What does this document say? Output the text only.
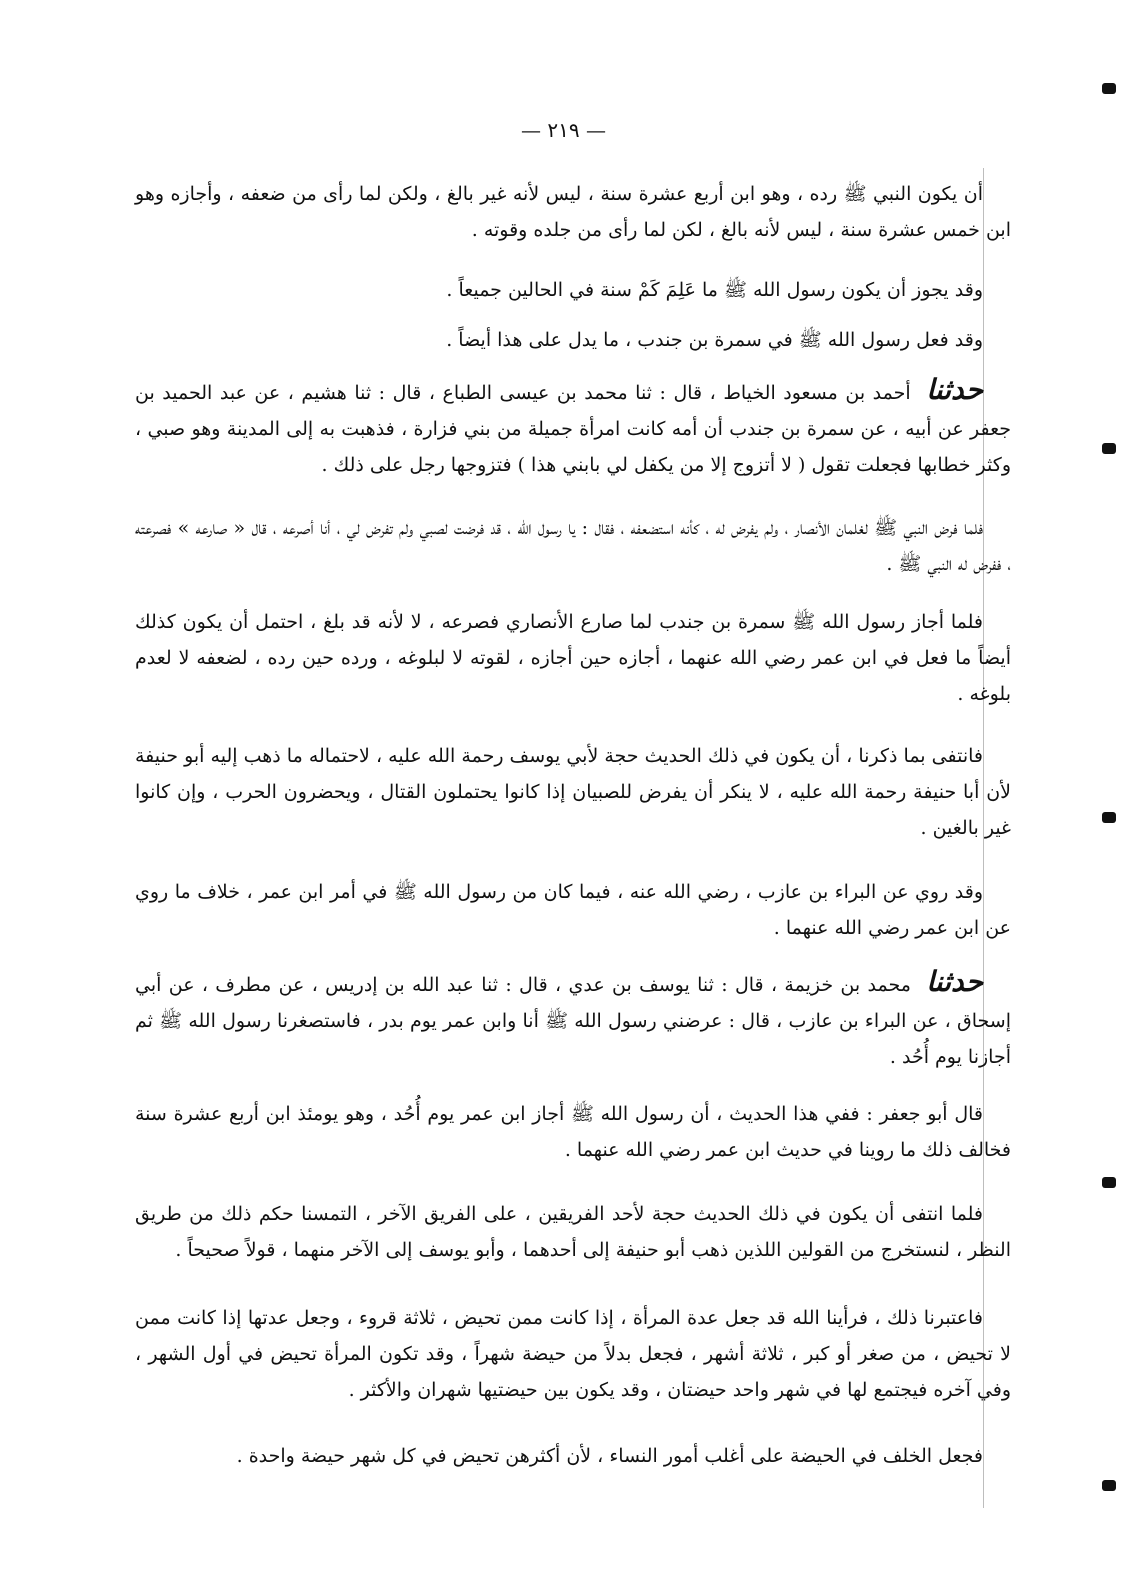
— ٢١٩ —

أن يكون النبي ﷺ رده ، وهو ابن أربع عشرة سنة ، ليس لأنه غير بالغ ، ولكن لما رأى من ضعفه ، وأجازه وهو ابن خمس عشرة سنة ، ليس لأنه بالغ ، لكن لما رأى من جلده وقوته .

وقد يجوز أن يكون رسول الله ﷺ ما عَلِمَ كَمْ سنة في الحالين جميعاً .

وقد فعل رسول الله ﷺ في سمرة بن جندب ، ما يدل على هذا أيضاً .

حدثنا أحمد بن مسعود الخياط ، قال : ثنا محمد بن عيسى الطباع ، قال : ثنا هشيم ، عن عبد الحميد بن جعفر عن أبيه ، عن سمرة بن جندب أن أمه كانت امرأة جميلة من بني فزارة ، فذهبت به إلى المدينة وهو صبي ، وكثر خطابها فجعلت تقول ( لا أتزوج إلا من يكفل لي بابني هذا ) فتزوجها رجل على ذلك .

فلما فرض النبي ﷺ لغلمان الأنصار ، ولم يفرض له ، كأنه استضعفه ، فقال : يا رسول الله ، قد فرضت لصبي ولم تفرض لي ، أنا أصرعه ، قال « صارعه » فصرعته ، ففرض له النبي ﷺ .

فلما أجاز رسول الله ﷺ سمرة بن جندب لما صارع الأنصاري فصرعه ، لا لأنه قد بلغ ، احتمل أن يكون كذلك أيضاً ما فعل في ابن عمر رضي الله عنهما ، أجازه حين أجازه ، لقوته لا لبلوغه ، ورده حين رده ، لضعفه لا لعدم بلوغه .

فانتفى بما ذكرنا ، أن يكون في ذلك الحديث حجة لأبي يوسف رحمة الله عليه ، لاحتماله ما ذهب إليه أبو حنيفة لأن أبا حنيفة رحمة الله عليه ، لا ينكر أن يفرض للصبيان إذا كانوا يحتملون القتال ، ويحضرون الحرب ، وإن كانوا غير بالغين .

وقد روي عن البراء بن عازب ، رضي الله عنه ، فيما كان من رسول الله ﷺ في أمر ابن عمر ، خلاف ما روي عن ابن عمر رضي الله عنهما .

حدثنا محمد بن خزيمة ، قال : ثنا يوسف بن عدي ، قال : ثنا عبد الله بن إدريس ، عن مطرف ، عن أبي إسحاق ، عن البراء بن عازب ، قال : عرضني رسول الله ﷺ أنا وابن عمر يوم بدر ، فاستصغرنا رسول الله ﷺ ثم أجازنا يوم أُحُد .

قال أبو جعفر : ففي هذا الحديث ، أن رسول الله ﷺ أجاز ابن عمر يوم أُحُد ، وهو يومئذ ابن أربع عشرة سنة فخالف ذلك ما روينا في حديث ابن عمر رضي الله عنهما .

فلما انتفى أن يكون في ذلك الحديث حجة لأحد الفريقين ، على الفريق الآخر ، التمسنا حكم ذلك من طريق النظر ، لنستخرج من القولين اللذين ذهب أبو حنيفة إلى أحدهما ، وأبو يوسف إلى الآخر منهما ، قولاً صحيحاً .

فاعتبرنا ذلك ، فرأينا الله قد جعل عدة المرأة ، إذا كانت ممن تحيض ، ثلاثة قروء ، وجعل عدتها إذا كانت ممن لا تحيض ، من صغر أو كبر ، ثلاثة أشهر ، فجعل بدلاً من حيضة شهراً ، وقد تكون المرأة تحيض في أول الشهر ، وفي آخره فيجتمع لها في شهر واحد حيضتان ، وقد يكون بين حيضتيها شهران والأكثر .

فجعل الخلف في الحيضة على أغلب أمور النساء ، لأن أكثرهن تحيض في كل شهر حيضة واحدة .
